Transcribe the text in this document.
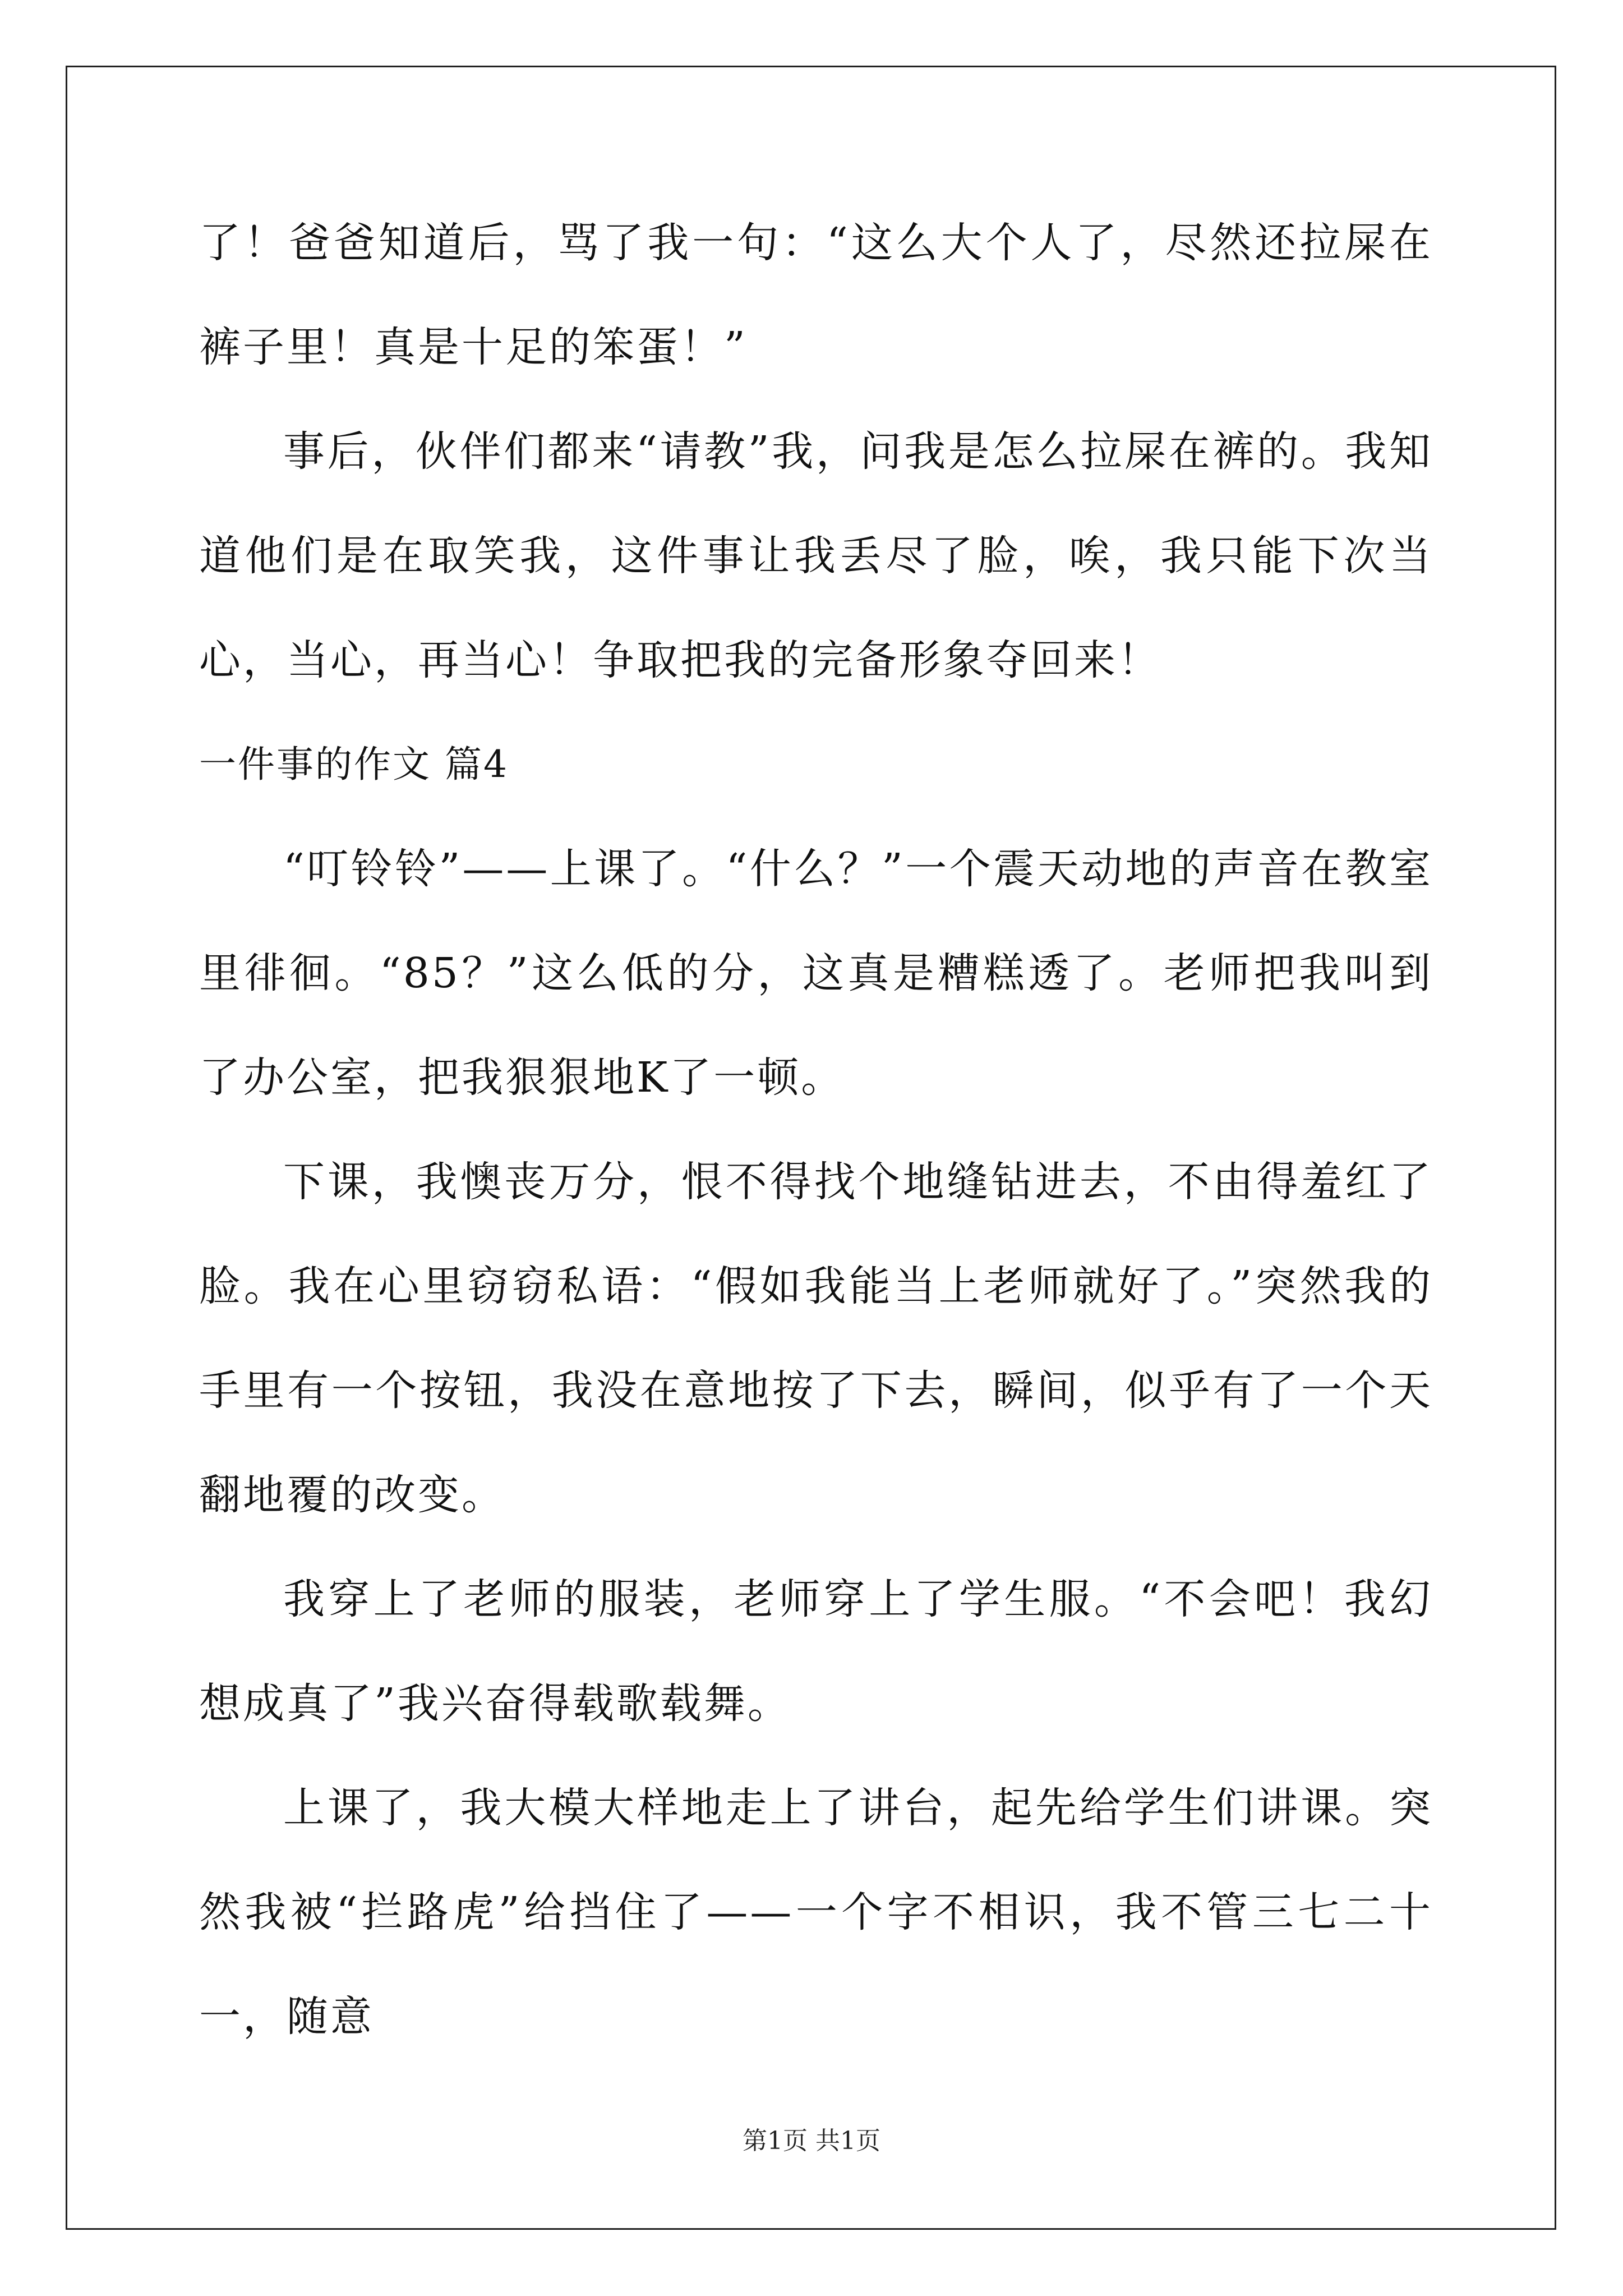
了！爸爸知道后，骂了我一句：“这么大个人了，尽然还拉屎在裤子里！真是十足的笨蛋！”

事后，伙伴们都来“请教”我，问我是怎么拉屎在裤的。我知道他们是在取笑我，这件事让我丢尽了脸，唉，我只能下次当心，当心，再当心！争取把我的完备形象夺回来！

一件事的作文 篇4

“叮铃铃”——上课了。“什么？”一个震天动地的声音在教室里徘徊。“85？”这么低的分，这真是糟糕透了。老师把我叫到了办公室，把我狠狠地K了一顿。

下课，我懊丧万分，恨不得找个地缝钻进去，不由得羞红了脸。我在心里窃窃私语：“假如我能当上老师就好了。”突然我的手里有一个按钮，我没在意地按了下去，瞬间，似乎有了一个天翻地覆的改变。

我穿上了老师的服装，老师穿上了学生服。“不会吧！我幻想成真了”我兴奋得载歌载舞。

上课了，我大模大样地走上了讲台，起先给学生们讲课。突然我被“拦路虎”给挡住了——一个字不相识，我不管三七二十一，随意

第1页 共1页
